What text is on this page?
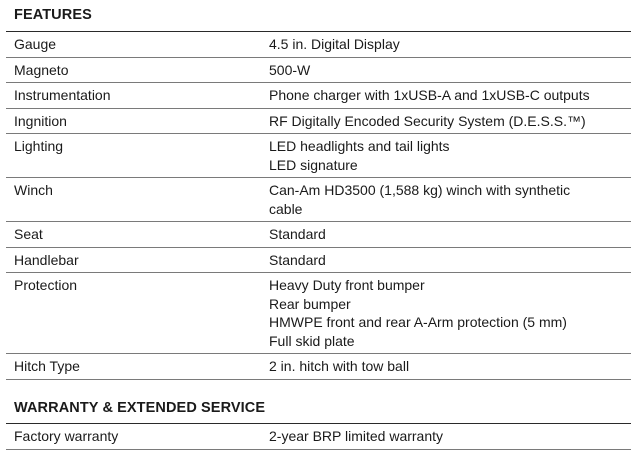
FEATURES
Gauge	4.5 in. Digital Display

Magneto	500-W

Instrumentation	Phone charger with 1xUSB-A and 1xUSB-C outputs

Ingnition	RF Digitally Encoded Security System (D.E.S.S.™)

Lighting	LED headlights and tail lights
LED signature

Winch	Can-Am HD3500 (1,588 kg) winch with synthetic
cable

Seat	Standard

Handlebar	Standard

Protection	Heavy Duty front bumper
Rear bumper
HMWPE front and rear A-Arm protection (5 mm)
Full skid plate

Hitch Type	2 in. hitch with tow ball
WARRANTY & EXTENDED SERVICE
Factory warranty	2-year BRP limited warranty
